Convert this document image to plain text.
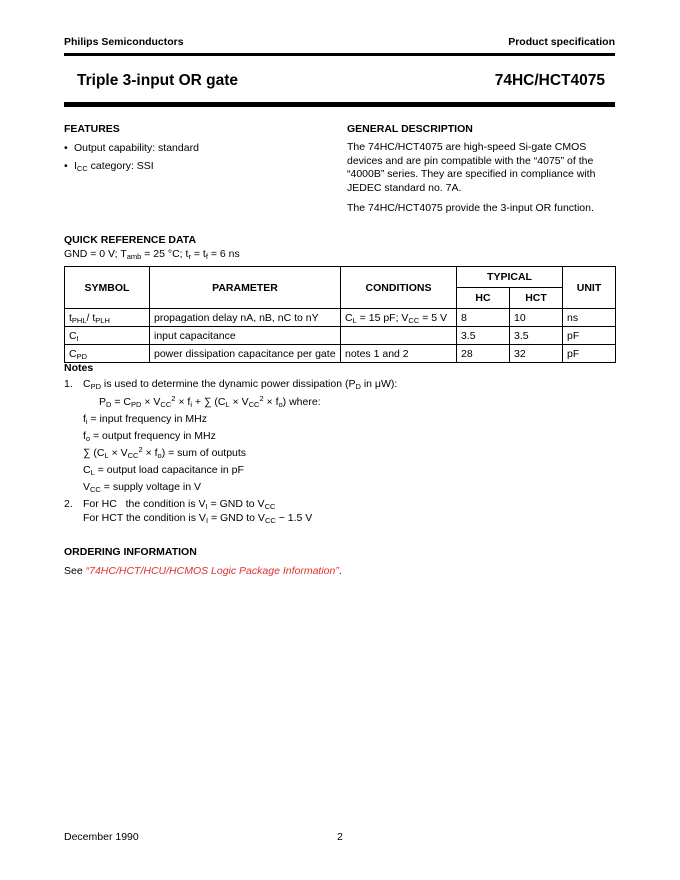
Philips Semiconductors	Product specification
Triple 3-input OR gate	74HC/HCT4075
FEATURES
• Output capability: standard
• $I_{CC}$ category: SSI
GENERAL DESCRIPTION
The 74HC/HCT4075 are high-speed Si-gate CMOS devices and are pin compatible with the “4075” of the “4000B” series. They are specified in compliance with JEDEC standard no. 7A.
The 74HC/HCT4075 provide the 3-input OR function.
QUICK REFERENCE DATA
GND = 0 V; $T_{amb} = 25$ °C; $t_r = t_f = 6$ ns
SYMBOL	PARAMETER	CONDITIONS	TYPICAL		UNIT
			HC	HCT	
$t_{PHL}/$ $t_{PLH}$	propagation delay nA, nB, nC to nY	$C_L = 15$ pF; $V_{CC} = 5$ V	8	10	ns
$C_I$	input capacitance		3.5	3.5	pF
$C_{PD}$	power dissipation capacitance per gate	notes 1 and 2	28	32	pF
Notes
1. $C_{PD}$ is used to determine the dynamic power dissipation ($P_D$ in μW):
$P_D = C_{PD} \times V_{CC}^2 \times f_i$ + ∑ $(C_L \times V_{CC}^2 \times f_o)$ where:
$f_i$ = input frequency in MHz
$f_o$ = output frequency in MHz
∑ $(C_L \times V_{CC}^2 \times f_o)$ = sum of outputs
$C_L$ = output load capacitance in pF
$V_{CC}$ = supply voltage in V
2. For HC   the condition is $V_I$ = GND to $V_{CC}$
For HCT the condition is $V_I$ = GND to $V_{CC} - 1.5$ V
ORDERING INFORMATION
See “74HC/HCT/HCU/HCMOS Logic Package Information”.
December 1990	2
